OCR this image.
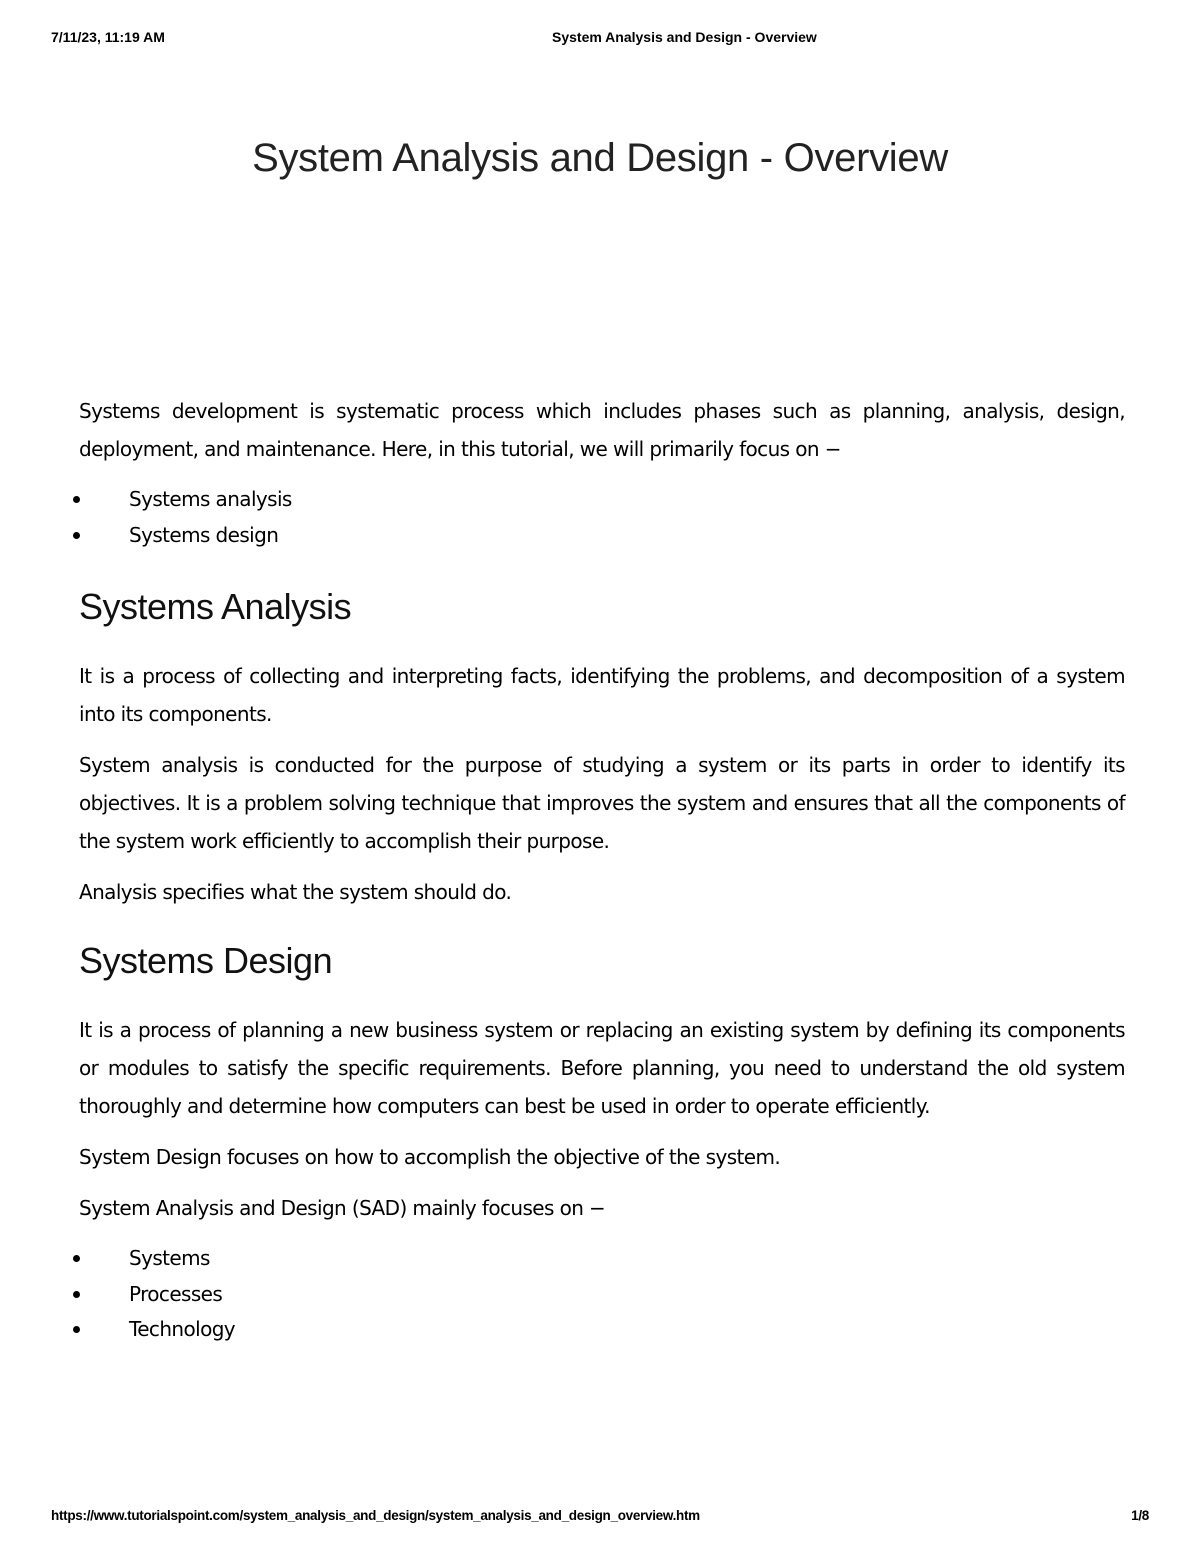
7/11/23, 11:19 AM	System Analysis and Design - Overview
System Analysis and Design - Overview

Systems development is systematic process which includes phases such as planning, analysis, design, deployment, and maintenance. Here, in this tutorial, we will primarily focus on −

Systems analysis
Systems design
Systems Analysis

It is a process of collecting and interpreting facts, identifying the problems, and decomposition of a system into its components.

System analysis is conducted for the purpose of studying a system or its parts in order to identify its objectives. It is a problem solving technique that improves the system and ensures that all the components of the system work efficiently to accomplish their purpose.

Analysis specifies what the system should do.

Systems Design

It is a process of planning a new business system or replacing an existing system by defining its components or modules to satisfy the specific requirements. Before planning, you need to understand the old system thoroughly and determine how computers can best be used in order to operate efficiently.

System Design focuses on how to accomplish the objective of the system.

System Analysis and Design (SAD) mainly focuses on −

Systems
Processes
Technology
https://www.tutorialspoint.com/system_analysis_and_design/system_analysis_and_design_overview.htm	1/8
